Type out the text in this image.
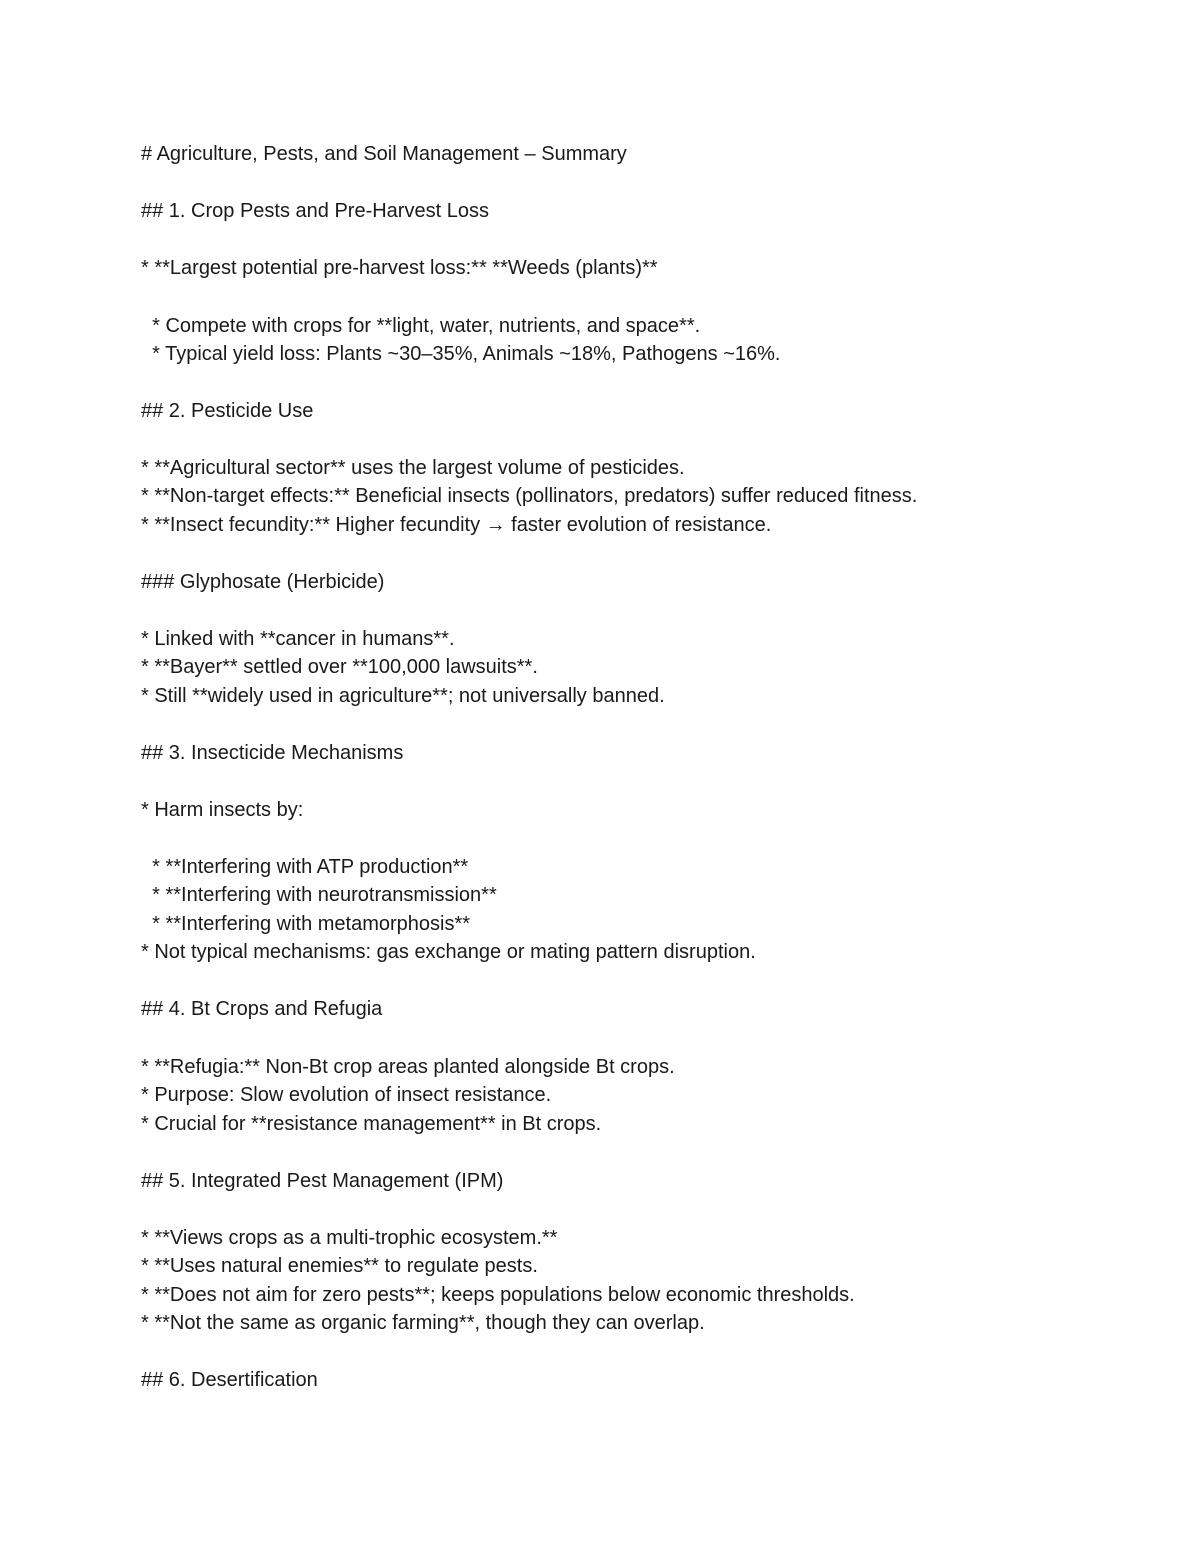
# Agriculture, Pests, and Soil Management – Summary

## 1. Crop Pests and Pre-Harvest Loss

* **Largest potential pre-harvest loss:** **Weeds (plants)**

* Compete with crops for **light, water, nutrients, and space**.

* Typical yield loss: Plants ~30–35%, Animals ~18%, Pathogens ~16%.

## 2. Pesticide Use

* **Agricultural sector** uses the largest volume of pesticides.

* **Non-target effects:** Beneficial insects (pollinators, predators) suffer reduced fitness.

* **Insect fecundity:** Higher fecundity → faster evolution of resistance.

### Glyphosate (Herbicide)

* Linked with **cancer in humans**.

* **Bayer** settled over **100,000 lawsuits**.

* Still **widely used in agriculture**; not universally banned.

## 3. Insecticide Mechanisms

* Harm insects by:

* **Interfering with ATP production**

* **Interfering with neurotransmission**

* **Interfering with metamorphosis**

* Not typical mechanisms: gas exchange or mating pattern disruption.

## 4. Bt Crops and Refugia

* **Refugia:** Non-Bt crop areas planted alongside Bt crops.

* Purpose: Slow evolution of insect resistance.

* Crucial for **resistance management** in Bt crops.

## 5. Integrated Pest Management (IPM)

* **Views crops as a multi-trophic ecosystem.**

* **Uses natural enemies** to regulate pests.

* **Does not aim for zero pests**; keeps populations below economic thresholds.

* **Not the same as organic farming**, though they can overlap.

## 6. Desertification
